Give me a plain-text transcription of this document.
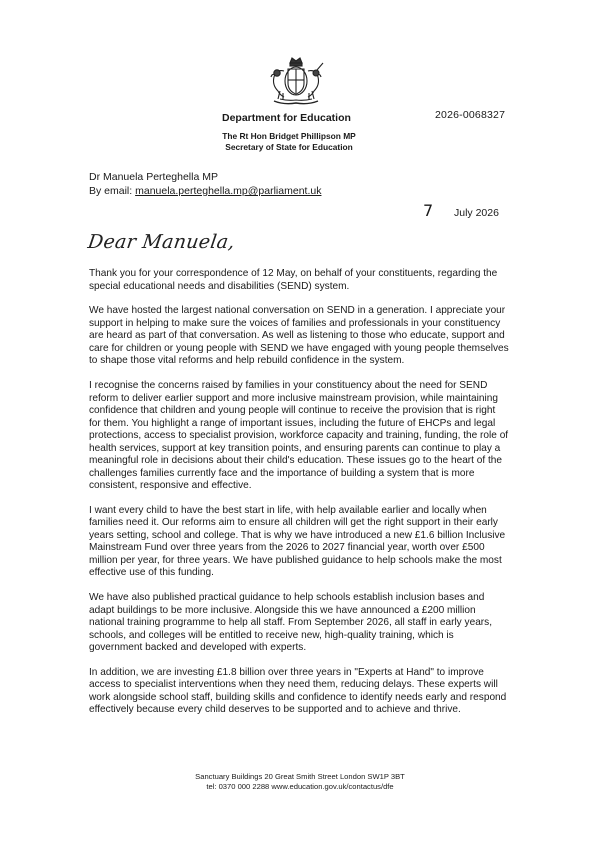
Department for Education	2026-0068327
The Rt Hon Bridget Phillipson MP
Secretary of State for Education
Dr Manuela Perteghella MP
By email: manuela.perteghella.mp@parliament.uk
7 July 2026
Dear Manuela,

Thank you for your correspondence of 12 May, on behalf of your constituents, regarding the special educational needs and disabilities (SEND) system.

We have hosted the largest national conversation on SEND in a generation. I appreciate your support in helping to make sure the voices of families and professionals in your constituency are heard as part of that conversation. As well as listening to those who educate, support and care for children or young people with SEND we have engaged with young people themselves to shape those vital reforms and help rebuild confidence in the system.

I recognise the concerns raised by families in your constituency about the need for SEND reform to deliver earlier support and more inclusive mainstream provision, while maintaining confidence that children and young people will continue to receive the provision that is right for them. You highlight a range of important issues, including the future of EHCPs and legal protections, access to specialist provision, workforce capacity and training, funding, the role of health services, support at key transition points, and ensuring parents can continue to play a meaningful role in decisions about their child's education. These issues go to the heart of the challenges families currently face and the importance of building a system that is more consistent, responsive and effective.

I want every child to have the best start in life, with help available earlier and locally when families need it. Our reforms aim to ensure all children will get the right support in their early years setting, school and college. That is why we have introduced a new £1.6 billion Inclusive Mainstream Fund over three years from the 2026 to 2027 financial year, worth over £500 million per year, for three years. We have published guidance to help schools make the most effective use of this funding.

We have also published practical guidance to help schools establish inclusion bases and adapt buildings to be more inclusive. Alongside this we have announced a £200 million national training programme to help all staff. From September 2026, all staff in early years, schools, and colleges will be entitled to receive new, high-quality training, which is government backed and developed with experts.

In addition, we are investing £1.8 billion over three years in "Experts at Hand" to improve access to specialist interventions when they need them, reducing delays. These experts will work alongside school staff, building skills and confidence to identify needs early and respond effectively because every child deserves to be supported and to achieve and thrive.

Sanctuary Buildings 20 Great Smith Street London SW1P 3BT
tel: 0370 000 2288 www.education.gov.uk/contactus/dfe
